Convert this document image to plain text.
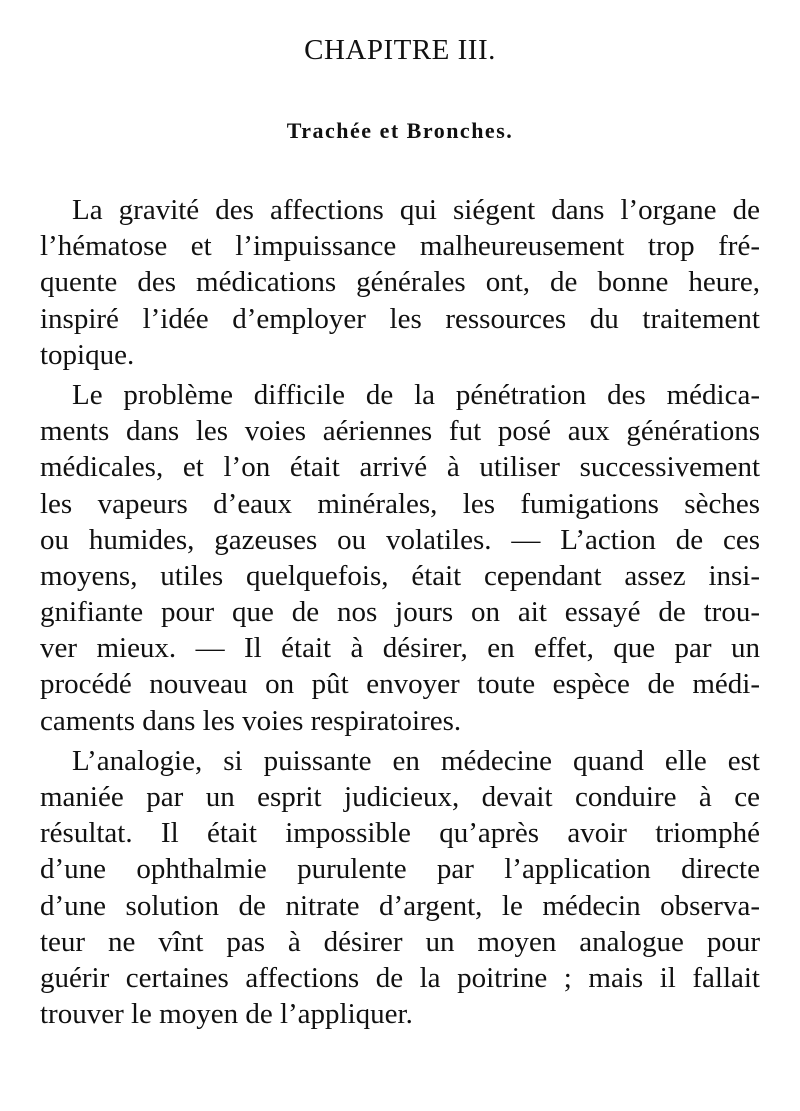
CHAPITRE III.
Trachée et Bronches.
La gravité des affections qui siégent dans l’organe de
l’hématose et l’impuissance malheureusement trop fré-
quente des médications générales ont, de bonne heure,
inspiré l’idée d’employer les ressources du traitement
topique.
Le problème difficile de la pénétration des médica-
ments dans les voies aériennes fut posé aux générations
médicales, et l’on était arrivé à utiliser successivement
les vapeurs d’eaux minérales, les fumigations sèches
ou humides, gazeuses ou volatiles. — L’action de ces
moyens, utiles quelquefois, était cependant assez insi-
gnifiante pour que de nos jours on ait essayé de trou-
ver mieux. — Il était à désirer, en effet, que par un
procédé nouveau on pût envoyer toute espèce de médi-
caments dans les voies respiratoires.
L’analogie, si puissante en médecine quand elle est
maniée par un esprit judicieux, devait conduire à ce
résultat. Il était impossible qu’après avoir triomphé
d’une ophthalmie purulente par l’application directe
d’une solution de nitrate d’argent, le médecin observa-
teur ne vînt pas à désirer un moyen analogue pour
guérir certaines affections de la poitrine ; mais il fallait
trouver le moyen de l’appliquer.
